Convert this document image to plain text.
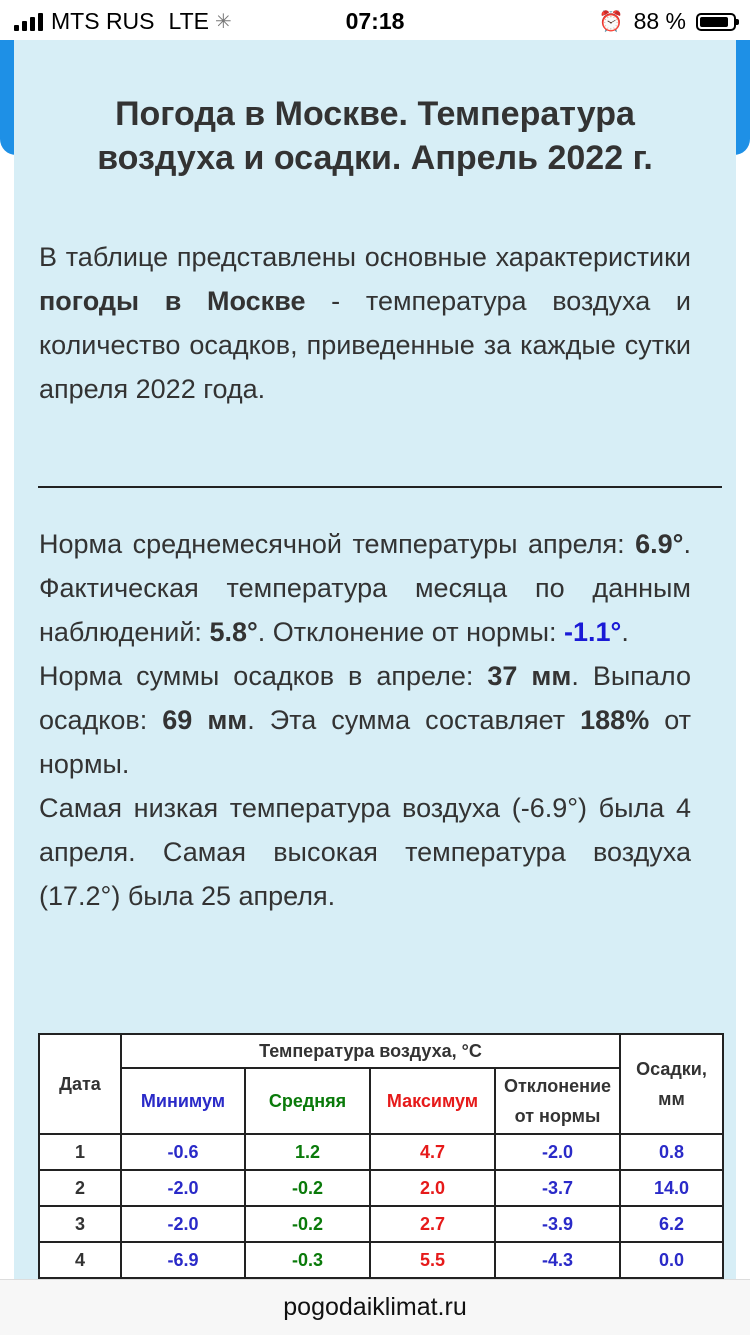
MTS RUS LTE ✳	07:18	⏰ 88 %
Погода в Москве. Температура воздуха и осадки. Апрель 2022 г.
В таблице представлены основные характеристики погоды в Москве - температура воздуха и количество осадков, приведенные за каждые сутки апреля 2022 года.

Норма среднемесячной температуры апреля: 6.9°. Фактическая температура месяца по данным наблюдений: 5.8°. Отклонение от нормы: -1.1°.

Норма суммы осадков в апреле: 37 мм. Выпало осадков: 69 мм. Эта сумма составляет 188% от нормы.

Самая низкая температура воздуха (-6.9°) была 4 апреля. Самая высокая температура воздуха (17.2°) была 25 апреля.

Дата	Температура воздуха, °C				Осадки, мм
	Минимум	Средняя	Максимум	Отклонение от нормы	
1	-0.6	1.2	4.7	-2.0	0.8
2	-2.0	-0.2	2.0	-3.7	14.0
3	-2.0	-0.2	2.7	-3.9	6.2
4	-6.9	-0.3	5.5	-4.3	0.0
pogodaiklimat.ru
